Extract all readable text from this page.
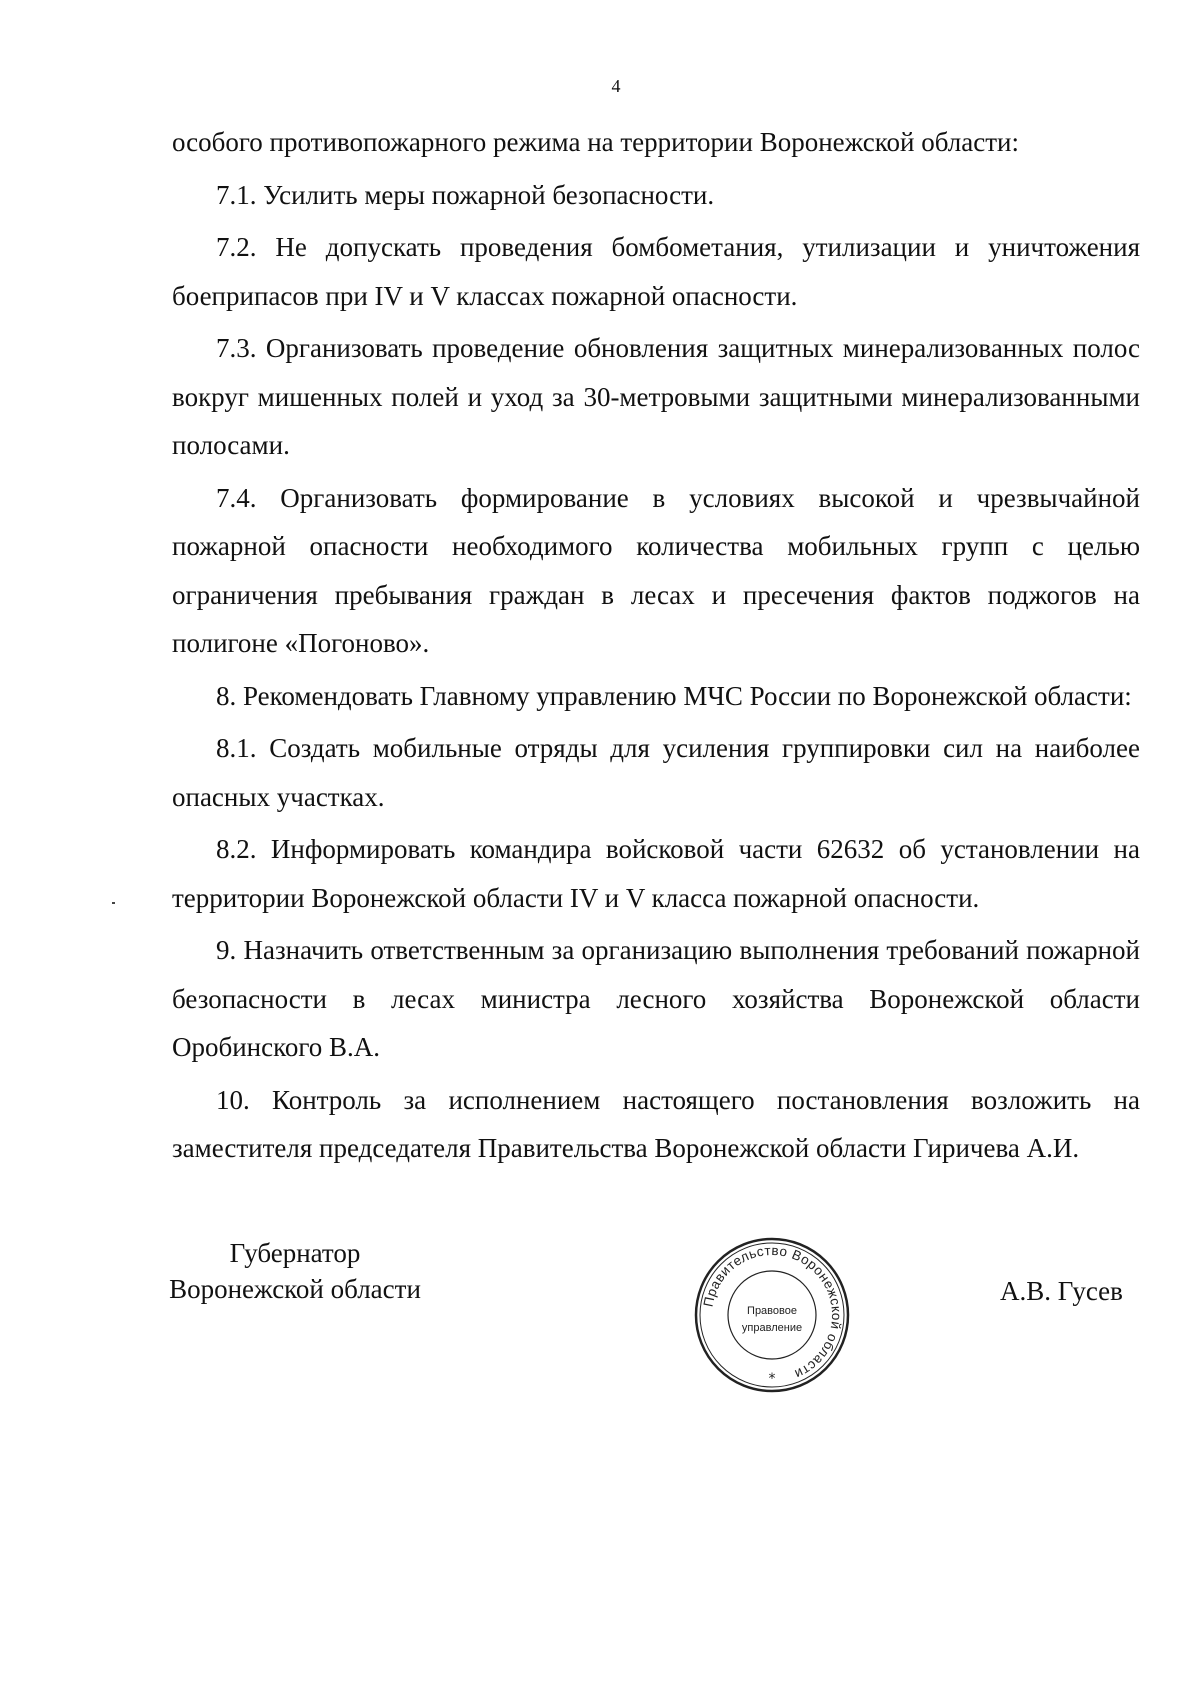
4

особого противопожарного режима на территории Воронежской области:

7.1. Усилить меры пожарной безопасности.

7.2. Не допускать проведения бомбометания, утилизации и уничтожения боеприпасов при IV и V классах пожарной опасности.

7.3. Организовать проведение обновления защитных минерализованных полос вокруг мишенных полей и уход за 30-метровыми защитными минерализованными полосами.

7.4. Организовать формирование в условиях высокой и чрезвычайной пожарной опасности необходимого количества мобильных групп с целью ограничения пребывания граждан в лесах и пресечения фактов поджогов на полигоне «Погоново».

8. Рекомендовать Главному управлению МЧС России по Воронежской области:

8.1. Создать мобильные отряды для усиления группировки сил на наиболее опасных участках.

8.2. Информировать командира войсковой части 62632 об установлении на территории Воронежской области IV и V класса пожарной опасности.

9. Назначить ответственным за организацию выполнения требований пожарной безопасности в лесах министра лесного хозяйства Воронежской области Оробинского В.А.

10. Контроль за исполнением настоящего постановления возложить на заместителя председателя Правительства Воронежской области Гиричева А.И.

Губернатор
Воронежской области	Правительство Воронежской области
Правовое
управление
*
А.В. Гусев
